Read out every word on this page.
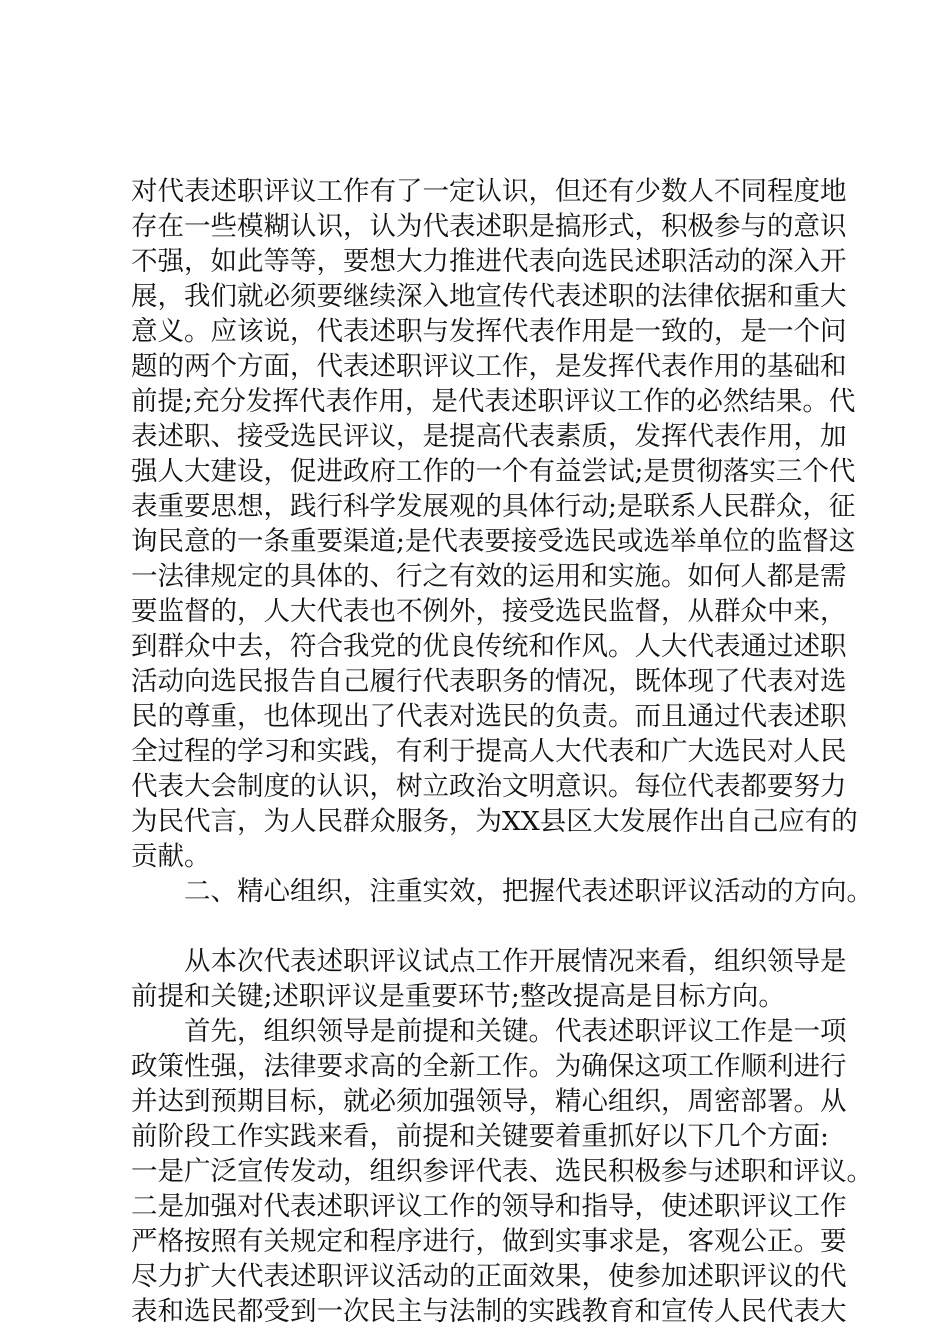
对代表述职评议工作有了一定认识，但还有少数人不同程度地
存在一些模糊认识，认为代表述职是搞形式，积极参与的意识
不强，如此等等，要想大力推进代表向选民述职活动的深入开
展，我们就必须要继续深入地宣传代表述职的法律依据和重大
意义。应该说，代表述职与发挥代表作用是一致的，是一个问
题的两个方面，代表述职评议工作，是发挥代表作用的基础和
前提;充分发挥代表作用，是代表述职评议工作的必然结果。代
表述职、接受选民评议，是提高代表素质，发挥代表作用，加
强人大建设，促进政府工作的一个有益尝试;是贯彻落实三个代
表重要思想，践行科学发展观的具体行动;是联系人民群众，征
询民意的一条重要渠道;是代表要接受选民或选举单位的监督这
一法律规定的具体的、行之有效的运用和实施。如何人都是需
要监督的，人大代表也不例外，接受选民监督，从群众中来，
到群众中去，符合我党的优良传统和作风。人大代表通过述职
活动向选民报告自己履行代表职务的情况，既体现了代表对选
民的尊重，也体现出了代表对选民的负责。而且通过代表述职
全过程的学习和实践，有利于提高人大代表和广大选民对人民
代表大会制度的认识，树立政治文明意识。每位代表都要努力
为民代言，为人民群众服务，为XX县区大发展作出自己应有的
贡献。
二、精心组织，注重实效，把握代表述职评议活动的方向。
从本次代表述职评议试点工作开展情况来看，组织领导是
前提和关键;述职评议是重要环节;整改提高是目标方向。
首先，组织领导是前提和关键。代表述职评议工作是一项
政策性强，法律要求高的全新工作。为确保这项工作顺利进行
并达到预期目标，就必须加强领导，精心组织，周密部署。从
前阶段工作实践来看，前提和关键要着重抓好以下几个方面:
一是广泛宣传发动，组织参评代表、选民积极参与述职和评议。
二是加强对代表述职评议工作的领导和指导，使述职评议工作
严格按照有关规定和程序进行，做到实事求是，客观公正。要
尽力扩大代表述职评议活动的正面效果，使参加述职评议的代
表和选民都受到一次民主与法制的实践教育和宣传人民代表大
